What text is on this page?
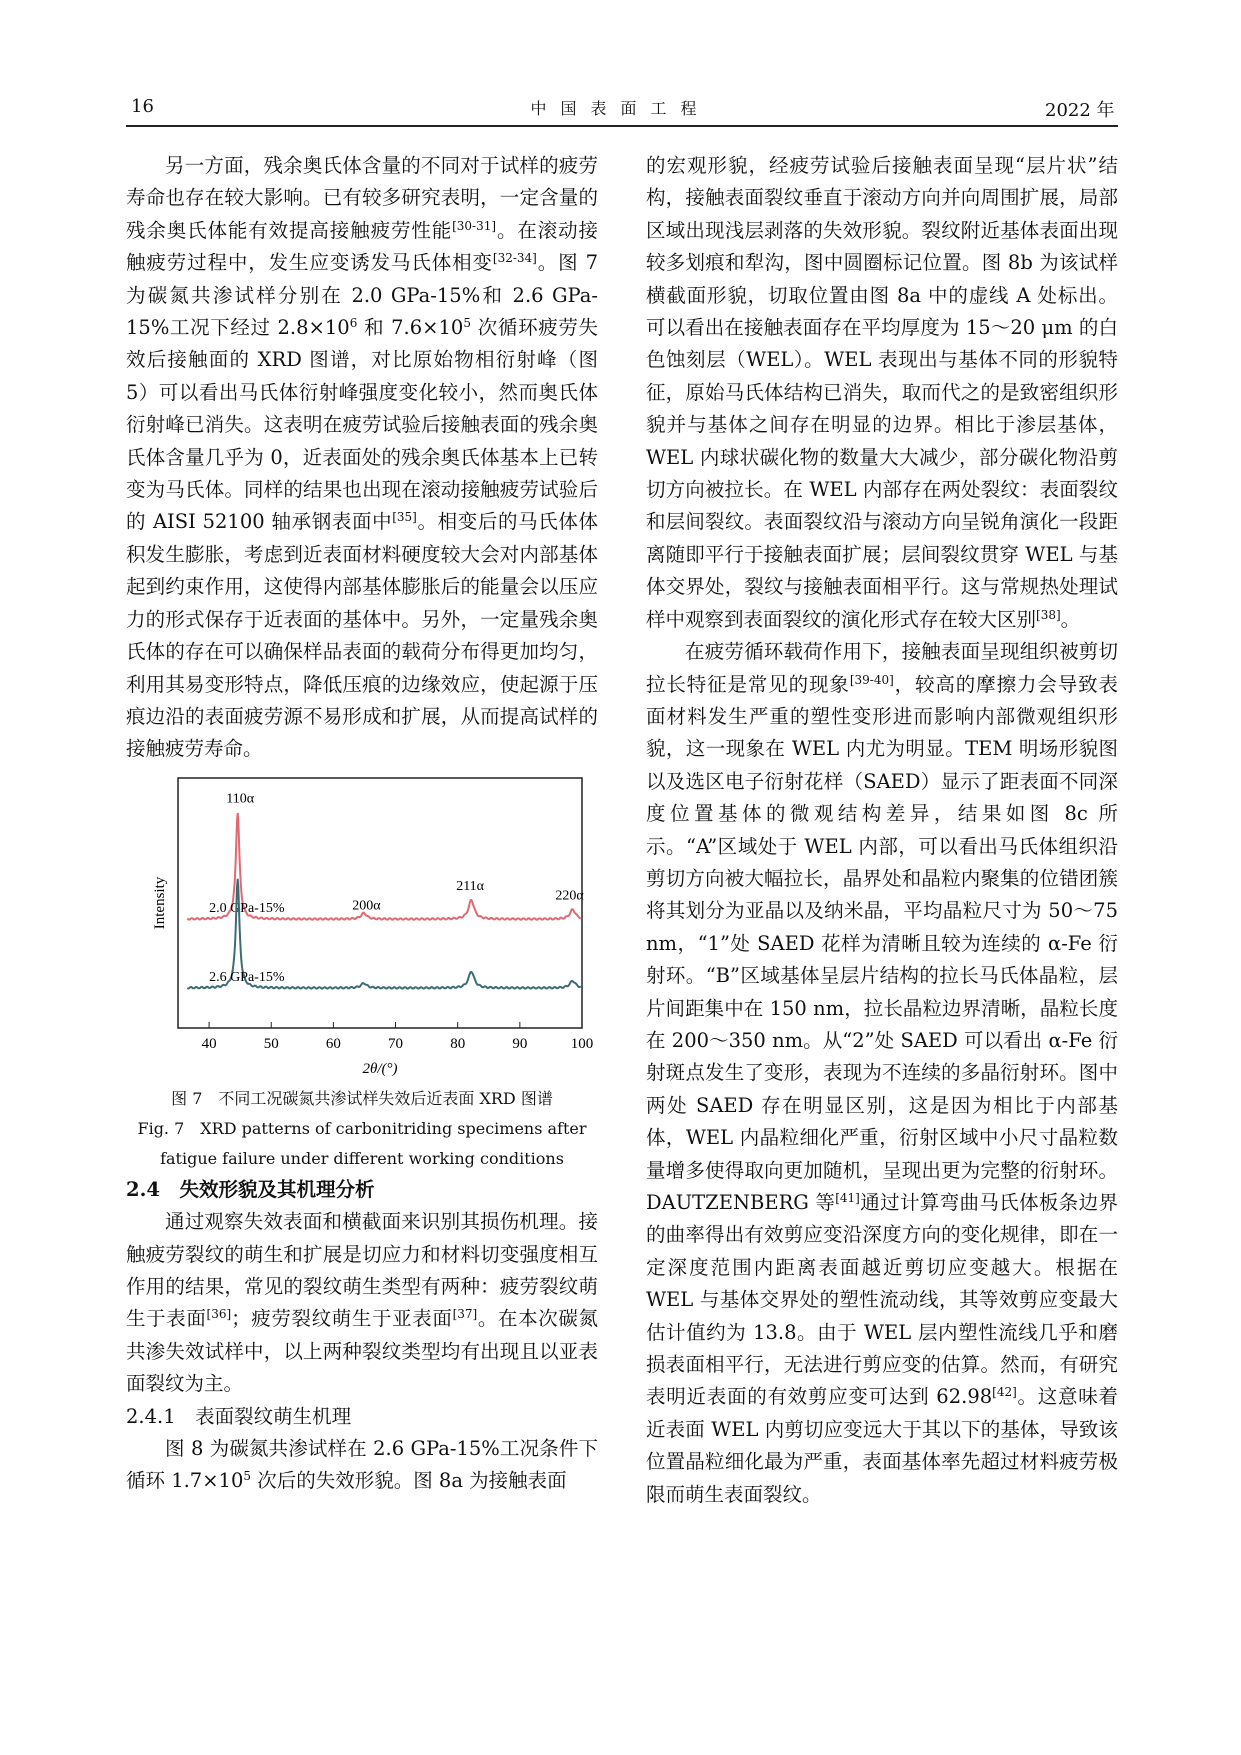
16	中国表面工程	2022 年

另一方面，残余奥氏体含量的不同对于试样的疲劳寿命也存在较大影响。已有较多研究表明，一定含量的残余奥氏体能有效提高接触疲劳性能[30-31]。在滚动接触疲劳过程中，发生应变诱发马氏体相变[32-34]。图 7 为碳氮共渗试样分别在 2.0 GPa-15%和 2.6 GPa-15%工况下经过 $2.8\times 10^6$ 和 $7.6\times 10^5$ 次循环疲劳失效后接触面的 XRD 图谱，对比原始物相衍射峰（图 5）可以看出马氏体衍射峰强度变化较小，然而奥氏体衍射峰已消失。这表明在疲劳试验后接触表面的残余奥氏体含量几乎为 0，近表面处的残余奥氏体基本上已转变为马氏体。同样的结果也出现在滚动接触疲劳试验后的 AISI 52100 轴承钢表面中[35]。相变后的马氏体体积发生膨胀，考虑到近表面材料硬度较大会对内部基体起到约束作用，这使得内部基体膨胀后的能量会以压应力的形式保存于近表面的基体中。另外，一定量残余奥氏体的存在可以确保样品表面的载荷分布得更加均匀，利用其易变形特点，降低压痕的边缘效应，使起源于压痕边沿的表面疲劳源不易形成和扩展，从而提高试样的接触疲劳寿命。

40	50	60	70	80	90	100
2θ/(°)
Intensity	2.0 GPa-15%
2.6 GPa-15%
110α
200α
211α
220α

图 7　不同工况碳氮共渗试样失效后近表面 XRD 图谱

Fig. 7　XRD patterns of carbonitriding specimens after

fatigue failure under different working conditions

2.4　 失效形貌及其机理分析

通过观察失效表面和横截面来识别其损伤机理。接触疲劳裂纹的萌生和扩展是切应力和材料切变强度相互作用的结果，常见的裂纹萌生类型有两种：疲劳裂纹萌生于表面[36]；疲劳裂纹萌生于亚表面[37]。在本次碳氮共渗失效试样中，以上两种裂纹类型均有出现且以亚表面裂纹为主。

2.4.1　 表面裂纹萌生机理

图 8 为碳氮共渗试样在 2.6 GPa-15%工况条件下循环 $1.7\times 10^5$ 次后的失效形貌。图 8a 为接触表面

的宏观形貌，经疲劳试验后接触表面呈现“层片状”结构，接触表面裂纹垂直于滚动方向并向周围扩展，局部区域出现浅层剥落的失效形貌。裂纹附近基体表面出现较多划痕和犁沟，图中圆圈标记位置。图 8b 为该试样横截面形貌，切取位置由图 8a 中的虚线 A 处标出。可以看出在接触表面存在平均厚度为 15～20 μm 的白色蚀刻层（WEL）。WEL 表现出与基体不同的形貌特征，原始马氏体结构已消失，取而代之的是致密组织形貌并与基体之间存在明显的边界。相比于渗层基体，WEL 内球状碳化物的数量大大减少，部分碳化物沿剪切方向被拉长。在 WEL 内部存在两处裂纹：表面裂纹和层间裂纹。表面裂纹沿与滚动方向呈锐角演化一段距离随即平行于接触表面扩展；层间裂纹贯穿 WEL 与基体交界处，裂纹与接触表面相平行。这与常规热处理试样中观察到表面裂纹的演化形式存在较大区别[38]。

在疲劳循环载荷作用下，接触表面呈现组织被剪切拉长特征是常见的现象[39-40]，较高的摩擦力会导致表面材料发生严重的塑性变形进而影响内部微观组织形貌，这一现象在 WEL 内尤为明显。TEM 明场形貌图以及选区电子衍射花样（SAED）显示了距表面不同深度位置基体的微观结构差异，结果如图 8c 所示。“A”区域处于 WEL 内部，可以看出马氏体组织沿剪切方向被大幅拉长，晶界处和晶粒内聚集的位错团簇将其划分为亚晶以及纳米晶，平均晶粒尺寸为 50～75 nm，“1”处 SAED 花样为清晰且较为连续的 α-Fe 衍射环。“B”区域基体呈层片结构的拉长马氏体晶粒，层片间距集中在 150 nm，拉长晶粒边界清晰，晶粒长度在 200～350 nm。从“2”处 SAED 可以看出 α-Fe 衍射斑点发生了变形，表现为不连续的多晶衍射环。图中两处 SAED 存在明显区别，这是因为相比于内部基体，WEL 内晶粒细化严重，衍射区域中小尺寸晶粒数量增多使得取向更加随机，呈现出更为完整的衍射环。DAUTZENBERG 等[41]通过计算弯曲马氏体板条边界的曲率得出有效剪应变沿深度方向的变化规律，即在一定深度范围内距离表面越近剪切应变越大。根据在 WEL 与基体交界处的塑性流动线，其等效剪应变最大估计值约为 13.8。由于 WEL 层内塑性流线几乎和磨损表面相平行，无法进行剪应变的估算。然而，有研究表明近表面的有效剪应变可达到 62.98[42]。这意味着近表面 WEL 内剪切应变远大于其以下的基体，导致该位置晶粒细化最为严重，表面基体率先超过材料疲劳极限而萌生表面裂纹。
